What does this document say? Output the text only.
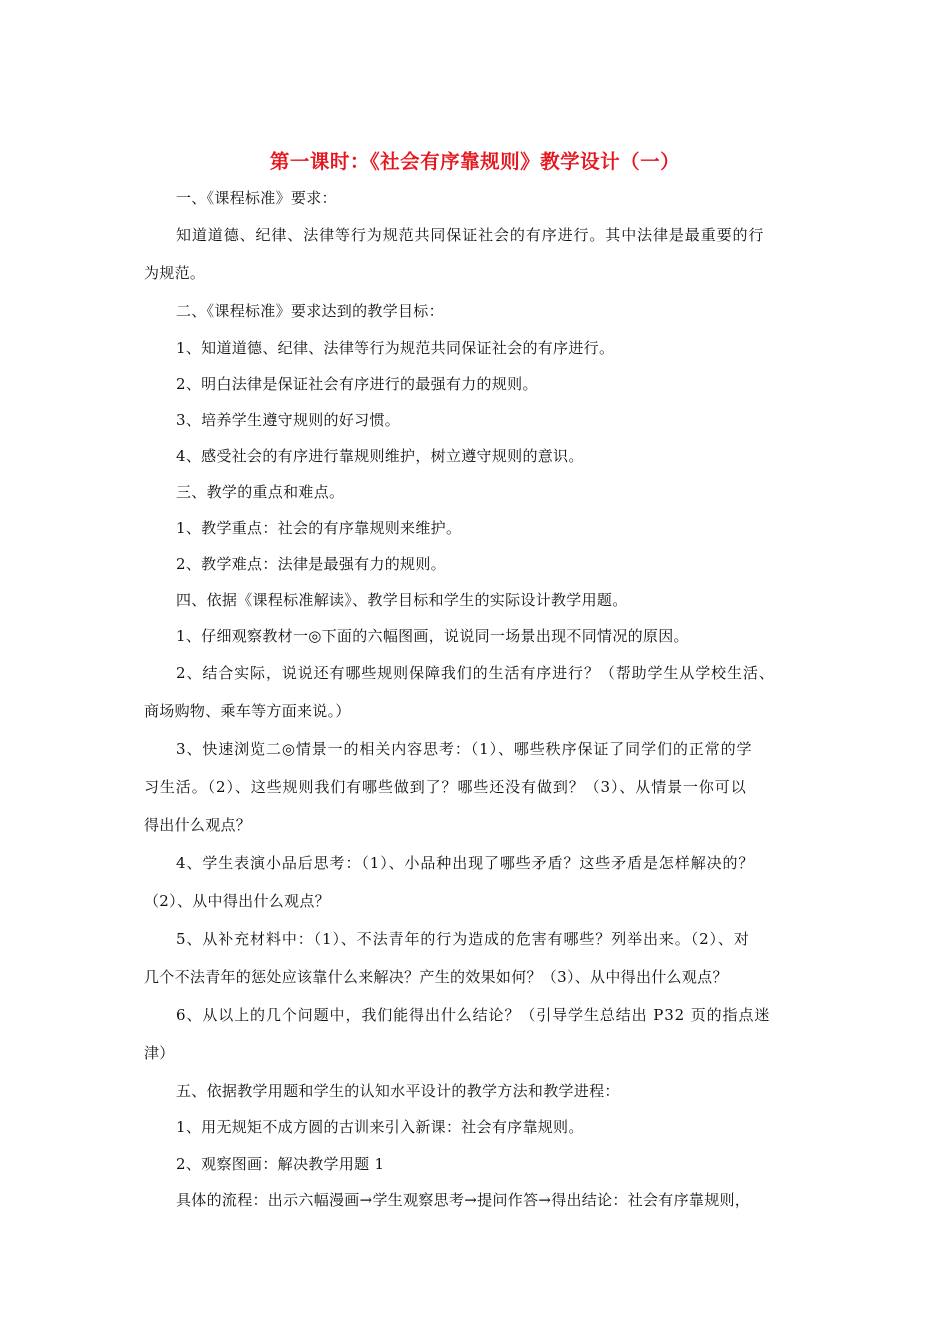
第一课时：《社会有序靠规则》教学设计（一）
一、《课程标准》要求：
知道道德、纪律、法律等行为规范共同保证社会的有序进行。其中法律是最重要的行
为规范。
二、《课程标准》要求达到的教学目标：
1、知道道德、纪律、法律等行为规范共同保证社会的有序进行。
2、明白法律是保证社会有序进行的最强有力的规则。
3、培养学生遵守规则的好习惯。
4、感受社会的有序进行靠规则维护，树立遵守规则的意识。
三、教学的重点和难点。
1、教学重点：社会的有序靠规则来维护。
2、教学难点：法律是最强有力的规则。
四、依据《课程标准解读》、教学目标和学生的实际设计教学用题。
1、仔细观察教材一◎下面的六幅图画，说说同一场景出现不同情况的原因。
2、结合实际，说说还有哪些规则保障我们的生活有序进行？（帮助学生从学校生活、
商场购物、乘车等方面来说。）
3、快速浏览二◎情景一的相关内容思考：（1）、哪些秩序保证了同学们的正常的学
习生活。（2）、这些规则我们有哪些做到了？哪些还没有做到？（3）、从情景一你可以
得出什么观点？
4、学生表演小品后思考：（1）、小品种出现了哪些矛盾？这些矛盾是怎样解决的？
（2）、从中得出什么观点？
5、从补充材料中：（1）、不法青年的行为造成的危害有哪些？列举出来。（2）、对
几个不法青年的惩处应该靠什么来解决？产生的效果如何？（3）、从中得出什么观点？
6、从以上的几个问题中，我们能得出什么结论？（引导学生总结出 P32 页的指点迷
津）
五、依据教学用题和学生的认知水平设计的教学方法和教学进程：
1、用无规矩不成方圆的古训来引入新课：社会有序靠规则。
2、观察图画：解决教学用题 1
具体的流程：出示六幅漫画→学生观察思考→提问作答→得出结论：社会有序靠规则，
